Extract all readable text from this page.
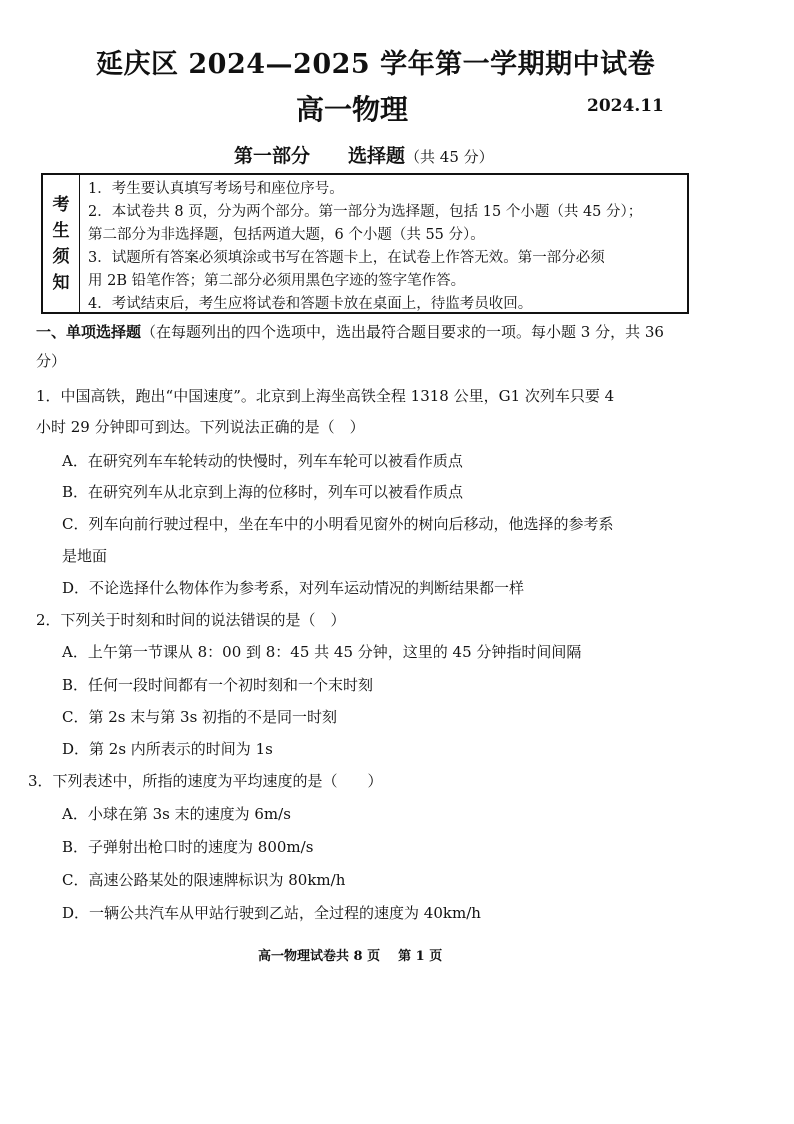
延庆区 2024—2025 学年第一学期期中试卷
高一物理	2024.11
第一部分 选择题（共 45 分）
考
生
须
知
1．考生要认真填写考场号和座位序号。
2．本试卷共 8 页，分为两个部分。第一部分为选择题，包括 15 个小题（共 45 分）；
第二部分为非选择题，包括两道大题，6 个小题（共 55 分）。
3．试题所有答案必须填涂或书写在答题卡上，在试卷上作答无效。第一部分必须
用 2B 铅笔作答；第二部分必须用黑色字迹的签字笔作答。
4．考试结束后，考生应将试卷和答题卡放在桌面上，待监考员收回。
一、单项选择题（在每题列出的四个选项中，选出最符合题目要求的一项。每小题 3 分，共 36 分）
1．中国高铁，跑出“中国速度”。北京到上海坐高铁全程 1318 公里，G1 次列车只要 4
小时 29 分钟即可到达。下列说法正确的是（　）
A．在研究列车车轮转动的快慢时，列车车轮可以被看作质点
B．在研究列车从北京到上海的位移时，列车可以被看作质点
C．列车向前行驶过程中，坐在车中的小明看见窗外的树向后移动，他选择的参考系
是地面
D．不论选择什么物体作为参考系，对列车运动情况的判断结果都一样
2．下列关于时刻和时间的说法错误的是（　）
A．上午第一节课从 8：00 到 8：45 共 45 分钟，这里的 45 分钟指时间间隔
B．任何一段时间都有一个初时刻和一个末时刻
C．第 2s 末与第 3s 初指的不是同一时刻
D．第 2s 内所表示的时间为 1s
3．下列表述中，所指的速度为平均速度的是（　　）
A．小球在第 3s 末的速度为 6m/s
B．子弹射出枪口时的速度为 800m/s
C．高速公路某处的限速牌标识为 80km/h
D．一辆公共汽车从甲站行驶到乙站，全过程的速度为 40km/h
高一物理试卷共 8 页 第 1 页
